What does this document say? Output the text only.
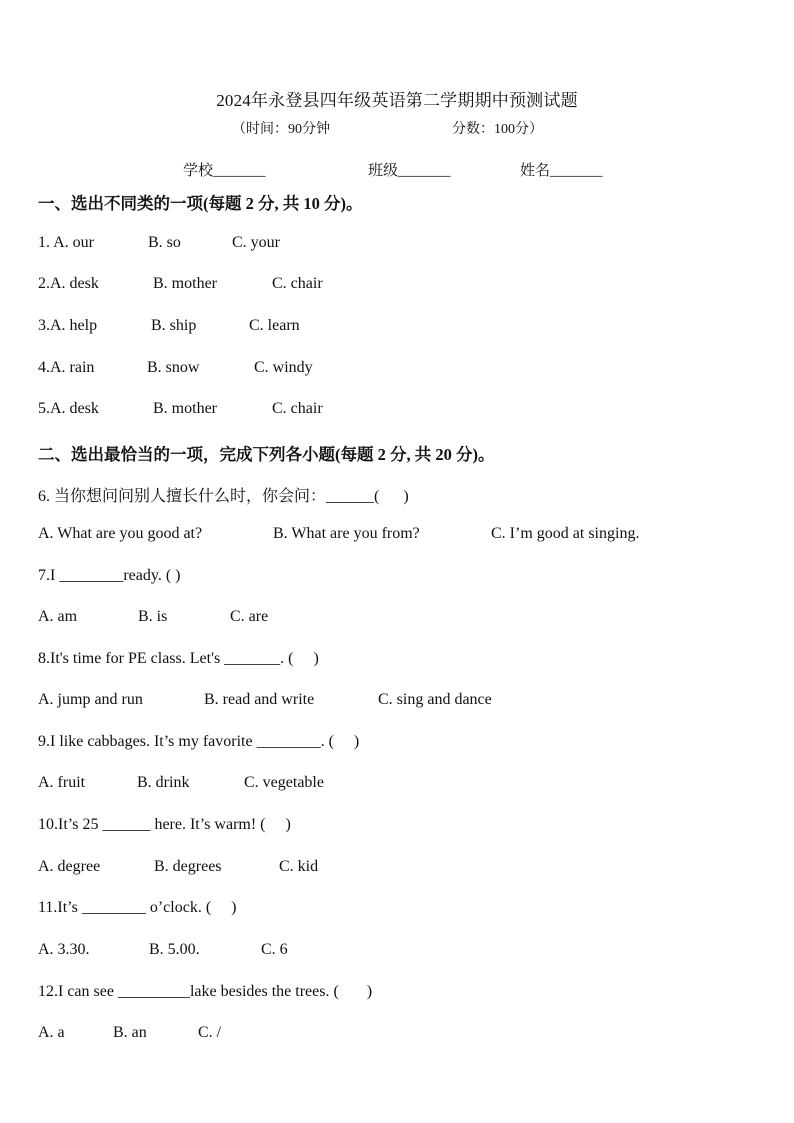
2024年永登县四年级英语第二学期期中预测试题
（时间：90分钟	分数：100分）
学校_______	班级_______	姓名_______
一、选出不同类的一项(每题 2 分, 共 10 分)。
1. A. our	B. so	C. your
2.A. desk	B. mother	C. chair
3.A. help	B. ship	C. learn
4.A. rain	B. snow	C. windy
5.A. desk	B. mother	C. chair
二、选出最恰当的一项，完成下列各小题(每题 2 分, 共 20 分)。
6. 当你想问问别人擅长什么时，你会问：______(      )
A. What are you good at?	B. What are you from?	C. I’m good at singing.
7.I ________ready. ( )
A. am	B. is	C. are
8.It's time for PE class. Let's _______. (     )
A. jump and run	B. read and write	C. sing and dance
9.I like cabbages. It’s my favorite ________. (     )
A. fruit	B. drink	C. vegetable
10.It’s 25 ______ here. It’s warm! (     )
A. degree	B. degrees	C. kid
11.It’s ________ o’clock. (     )
A. 3.30.	B. 5.00.	C. 6
12.I can see _________lake besides the trees. (       )
A. a	B. an	C. /
